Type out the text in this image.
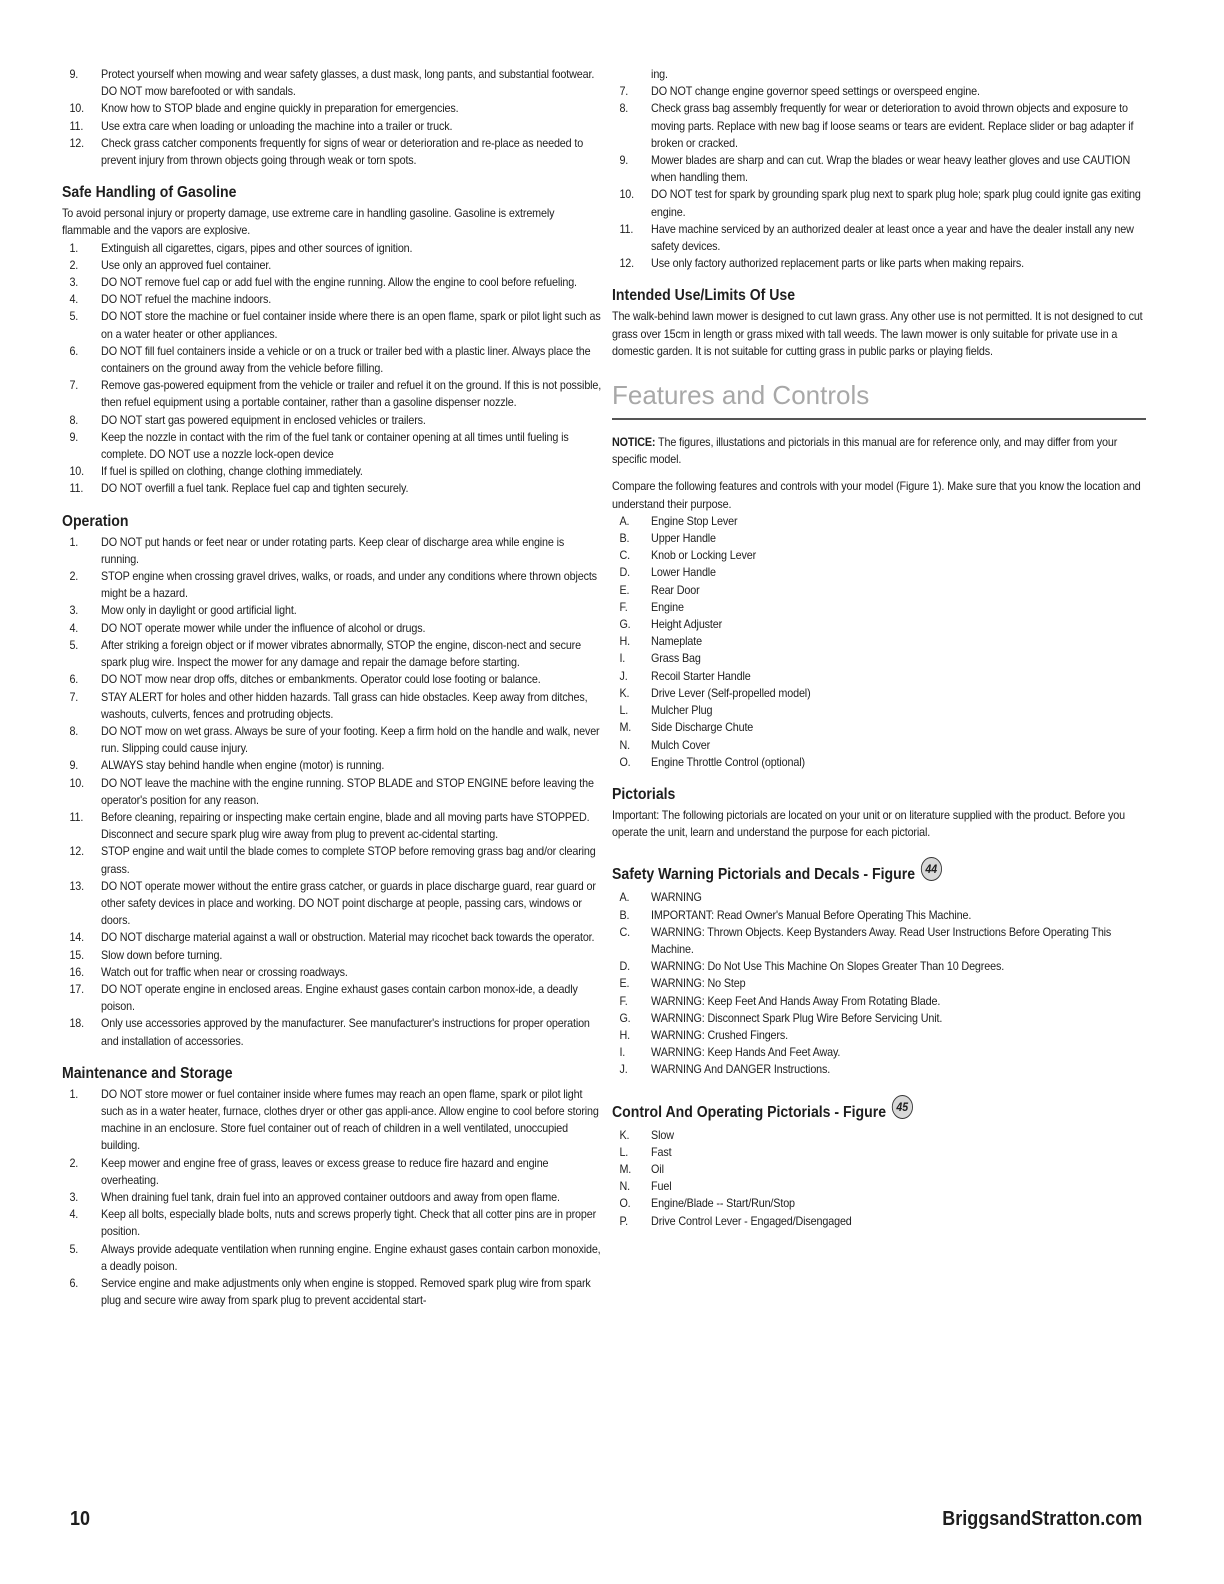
9.	Protect yourself when mowing and wear safety glasses, a dust mask, long pants, and substantial footwear. DO NOT mow barefooted or with sandals.
10.	Know how to STOP blade and engine quickly in preparation for emergencies.
11.	Use extra care when loading or unloading the machine into a trailer or truck.
12.	Check grass catcher components frequently for signs of wear or deterioration and re-place as needed to prevent injury from thrown objects going through weak or torn spots.
Safe Handling of Gasoline

To avoid personal injury or property damage, use extreme care in handling gasoline. Gasoline is extremely flammable and the vapors are explosive.

1.	Extinguish all cigarettes, cigars, pipes and other sources of ignition.
2.	Use only an approved fuel container.
3.	DO NOT remove fuel cap or add fuel with the engine running. Allow the engine to cool before refueling.
4.	DO NOT refuel the machine indoors.
5.	DO NOT store the machine or fuel container inside where there is an open flame, spark or pilot light such as on a water heater or other appliances.
6.	DO NOT fill fuel containers inside a vehicle or on a truck or trailer bed with a plastic liner. Always place the containers on the ground away from the vehicle before filling.
7.	Remove gas-powered equipment from the vehicle or trailer and refuel it on the ground. If this is not possible, then refuel equipment using a portable container, rather than a gasoline dispenser nozzle.
8.	DO NOT start gas powered equipment in enclosed vehicles or trailers.
9.	Keep the nozzle in contact with the rim of the fuel tank or container opening at all times until fueling is complete. DO NOT use a nozzle lock-open device
10.	If fuel is spilled on clothing, change clothing immediately.
11.	DO NOT overfill a fuel tank. Replace fuel cap and tighten securely.
Operation
1.	DO NOT put hands or feet near or under rotating parts. Keep clear of discharge area while engine is running.
2.	STOP engine when crossing gravel drives, walks, or roads, and under any conditions where thrown objects might be a hazard.
3.	Mow only in daylight or good artificial light.
4.	DO NOT operate mower while under the influence of alcohol or drugs.
5.	After striking a foreign object or if mower vibrates abnormally, STOP the engine, discon-nect and secure spark plug wire. Inspect the mower for any damage and repair the damage before starting.
6.	DO NOT mow near drop offs, ditches or embankments. Operator could lose footing or balance.
7.	STAY ALERT for holes and other hidden hazards. Tall grass can hide obstacles. Keep away from ditches, washouts, culverts, fences and protruding objects.
8.	DO NOT mow on wet grass. Always be sure of your footing. Keep a firm hold on the handle and walk, never run. Slipping could cause injury.
9.	ALWAYS stay behind handle when engine (motor) is running.
10.	DO NOT leave the machine with the engine running. STOP BLADE and STOP ENGINE before leaving the operator's position for any reason.
11.	Before cleaning, repairing or inspecting make certain engine, blade and all moving parts have STOPPED. Disconnect and secure spark plug wire away from plug to prevent ac-cidental starting.
12.	STOP engine and wait until the blade comes to complete STOP before removing grass bag and/or clearing grass.
13.	DO NOT operate mower without the entire grass catcher, or guards in place discharge guard, rear guard or other safety devices in place and working. DO NOT point discharge at people, passing cars, windows or doors.
14.	DO NOT discharge material against a wall or obstruction. Material may ricochet back towards the operator.
15.	Slow down before turning.
16.	Watch out for traffic when near or crossing roadways.
17.	DO NOT operate engine in enclosed areas. Engine exhaust gases contain carbon monox-ide, a deadly poison.
18.	Only use accessories approved by the manufacturer. See manufacturer's instructions for proper operation and installation of accessories.
Maintenance and Storage
1.	DO NOT store mower or fuel container inside where fumes may reach an open flame, spark or pilot light such as in a water heater, furnace, clothes dryer or other gas appli-ance. Allow engine to cool before storing machine in an enclosure. Store fuel container out of reach of children in a well ventilated, unoccupied building.
2.	Keep mower and engine free of grass, leaves or excess grease to reduce fire hazard and engine overheating.
3.	When draining fuel tank, drain fuel into an approved container outdoors and away from open flame.
4.	Keep all bolts, especially blade bolts, nuts and screws properly tight. Check that all cotter pins are in proper position.
5.	Always provide adequate ventilation when running engine. Engine exhaust gases contain carbon monoxide, a deadly poison.
6.	Service engine and make adjustments only when engine is stopped. Removed spark plug wire from spark plug and secure wire away from spark plug to prevent accidental start-
ing.
7.	DO NOT change engine governor speed settings or overspeed engine.
8.	Check grass bag assembly frequently for wear or deterioration to avoid thrown objects and exposure to moving parts. Replace with new bag if loose seams or tears are evident. Replace slider or bag adapter if broken or cracked.
9.	Mower blades are sharp and can cut. Wrap the blades or wear heavy leather gloves and use CAUTION when handling them.
10.	DO NOT test for spark by grounding spark plug next to spark plug hole; spark plug could ignite gas exiting engine.
11.	Have machine serviced by an authorized dealer at least once a year and have the dealer install any new safety devices.
12.	Use only factory authorized replacement parts or like parts when making repairs.
Intended Use/Limits Of Use

The walk-behind lawn mower is designed to cut lawn grass. Any other use is not permitted. It is not designed to cut grass over 15cm in length or grass mixed with tall weeds. The lawn mower is only suitable for private use in a domestic garden. It is not suitable for cutting grass in public parks or playing fields.

Features and Controls

NOTICE: The figures, illustations and pictorials in this manual are for reference only, and may differ from your specific model.

Compare the following features and controls with your model (Figure 1). Make sure that you know the location and understand their purpose.

A.	Engine Stop Lever
B.	Upper Handle
C.	Knob or Locking Lever
D.	Lower Handle
E.	Rear Door
F.	Engine
G.	Height Adjuster
H.	Nameplate
I.	Grass Bag
J.	Recoil Starter Handle
K.	Drive Lever (Self-propelled model)
L.	Mulcher Plug
M.	Side Discharge Chute
N.	Mulch Cover
O.	Engine Throttle Control (optional)
Pictorials

Important: The following pictorials are located on your unit or on literature supplied with the product. Before you operate the unit, learn and understand the purpose for each pictorial.

Safety Warning Pictorials and Decals - Figure 44
A.	WARNING
B.	IMPORTANT: Read Owner's Manual Before Operating This Machine.
C.	WARNING: Thrown Objects. Keep Bystanders Away. Read User Instructions Before Operating This Machine.
D.	WARNING: Do Not Use This Machine On Slopes Greater Than 10 Degrees.
E.	WARNING: No Step
F.	WARNING: Keep Feet And Hands Away From Rotating Blade.
G.	WARNING: Disconnect Spark Plug Wire Before Servicing Unit.
H.	WARNING: Crushed Fingers.
I.	WARNING: Keep Hands And Feet Away.
J.	WARNING And DANGER Instructions.
Control And Operating Pictorials - Figure 45
K.	Slow
L.	Fast
M.	Oil
N.	Fuel
O.	Engine/Blade -- Start/Run/Stop
P.	Drive Control Lever - Engaged/Disengaged
10	BriggsandStratton.com
